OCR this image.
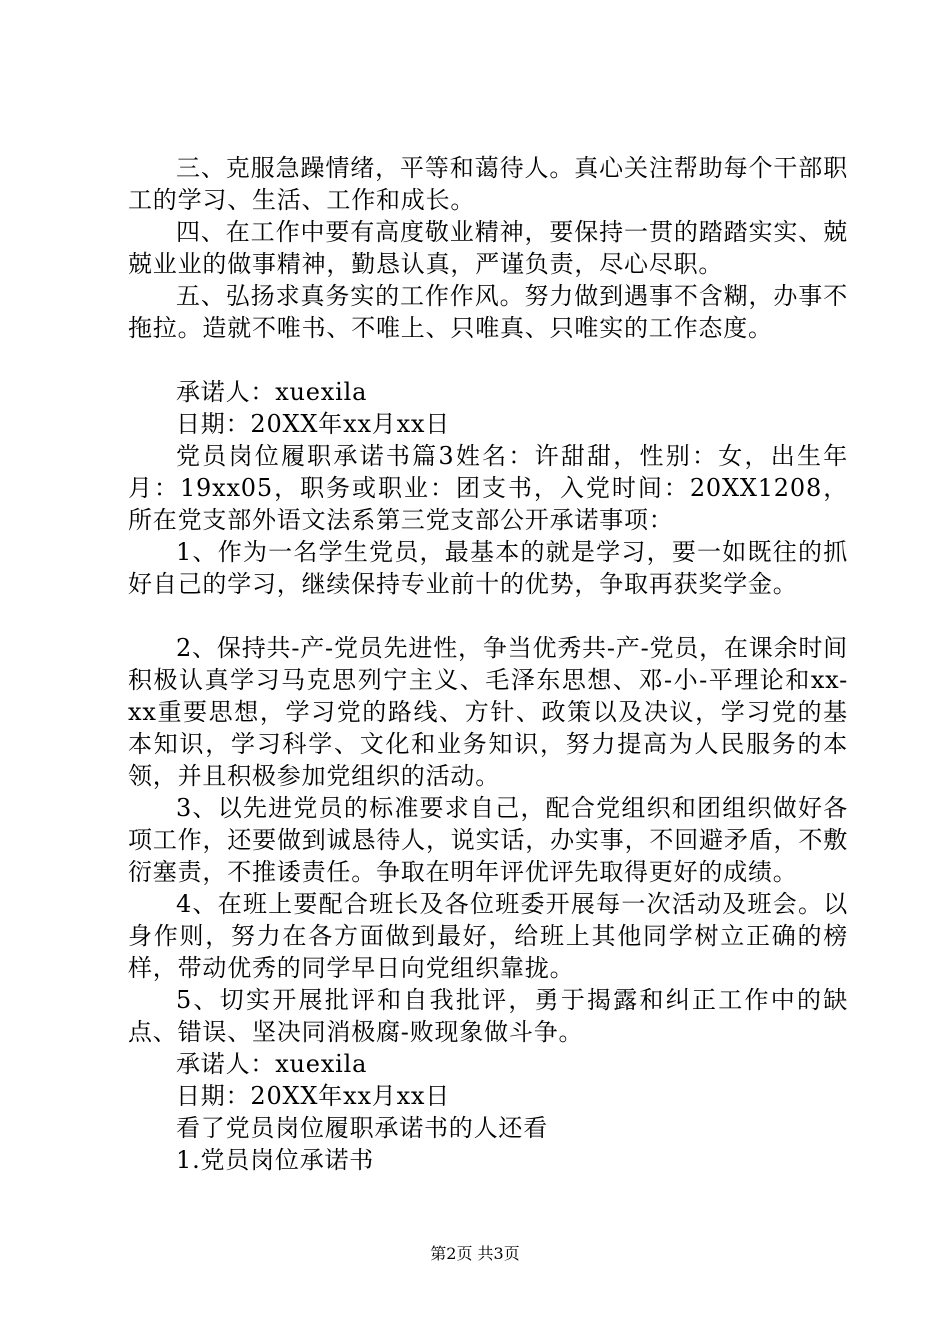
三、克服急躁情绪，平等和蔼待人。真心关注帮助每个干部职工的学习、生活、工作和成长。

四、在工作中要有高度敬业精神，要保持一贯的踏踏实实、兢兢业业的做事精神，勤恳认真，严谨负责，尽心尽职。

五、弘扬求真务实的工作作风。努力做到遇事不含糊，办事不拖拉。造就不唯书、不唯上、只唯真、只唯实的工作态度。

承诺人：xuexila

日期：20XX年xx月xx日

党员岗位履职承诺书篇3姓名：许甜甜，性别：女，出生年月：19xx05，职务或职业：团支书，入党时间：20XX1208，所在党支部外语文法系第三党支部公开承诺事项：

1、作为一名学生党员，最基本的就是学习，要一如既往的抓好自己的学习，继续保持专业前十的优势，争取再获奖学金。

2、保持共-产-党员先进性，争当优秀共-产-党员，在课余时间积极认真学习马克思列宁主义、毛泽东思想、邓-小-平理论和xx-xx重要思想，学习党的路线、方针、政策以及决议，学习党的基本知识，学习科学、文化和业务知识，努力提高为人民服务的本领，并且积极参加党组织的活动。

3、以先进党员的标准要求自己，配合党组织和团组织做好各项工作，还要做到诚恳待人，说实话，办实事，不回避矛盾，不敷衍塞责，不推诿责任。争取在明年评优评先取得更好的成绩。

4、在班上要配合班长及各位班委开展每一次活动及班会。以身作则，努力在各方面做到最好，给班上其他同学树立正确的榜样，带动优秀的同学早日向党组织靠拢。

5、切实开展批评和自我批评，勇于揭露和纠正工作中的缺点、错误、坚决同消极腐-败现象做斗争。

承诺人：xuexila

日期：20XX年xx月xx日

看了党员岗位履职承诺书的人还看

1.党员岗位承诺书

第2页 共3页
